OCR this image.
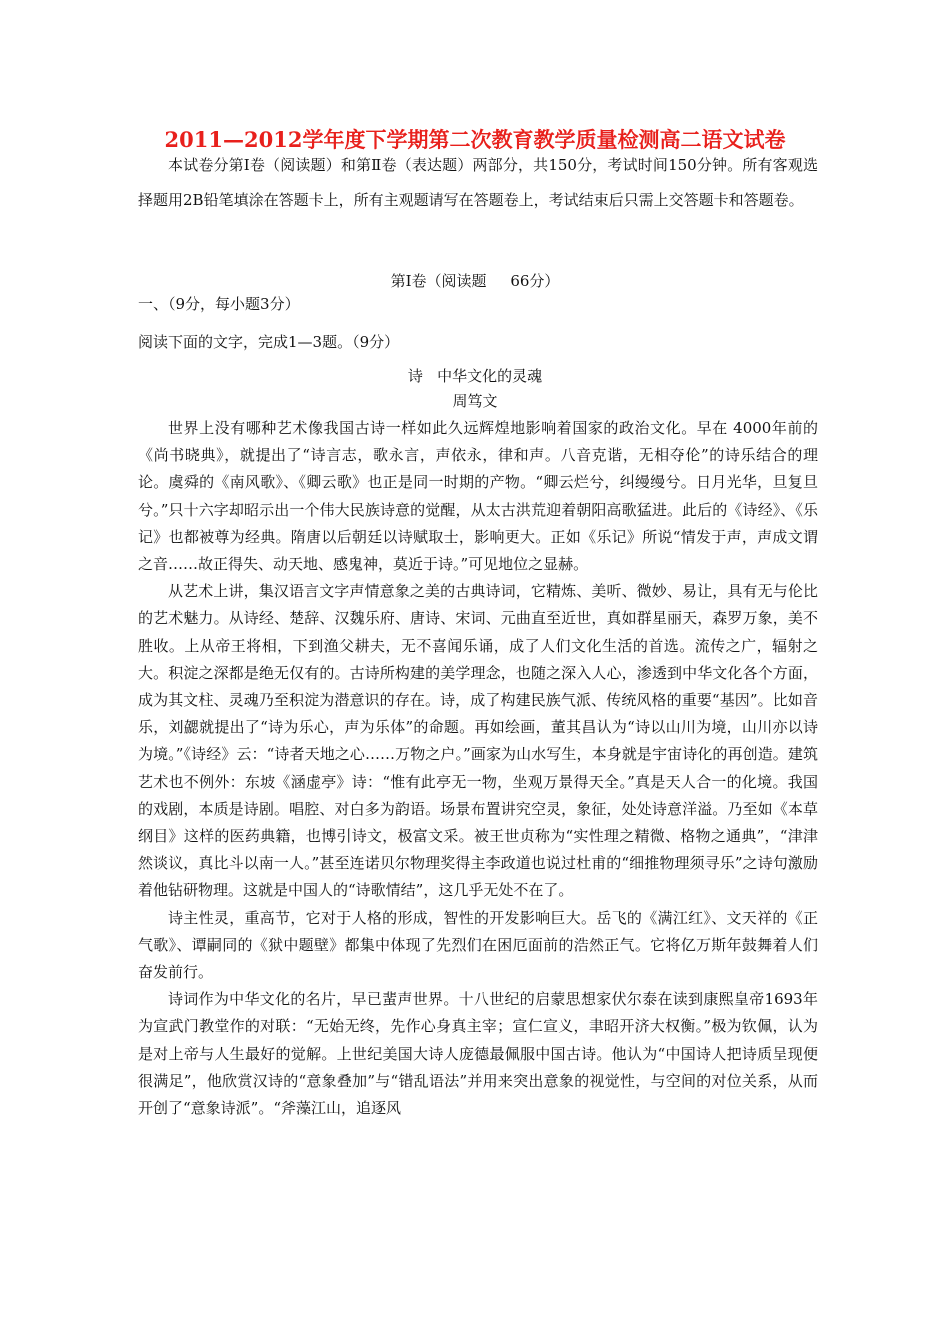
2011—2012学年度下学期第二次教育教学质量检测高二语文试卷
本试卷分第Ⅰ卷（阅读题）和第Ⅱ卷（表达题）两部分，共150分，考试时间150分钟。所有客观选择题用2B铅笔填涂在答题卡上，所有主观题请写在答题卷上，考试结束后只需上交答题卡和答题卷。
第Ⅰ卷（阅读题     66分）
一、（9分，每小题3分）
阅读下面的文字，完成1—3题。（9分）
诗   中华文化的灵魂
周笃文

世界上没有哪种艺术像我国古诗一样如此久远辉煌地影响着国家的政治文化。早在 4000年前的《尚书晓典》，就提出了“诗言志，歌永言，声依永，律和声。八音克谐，无相夺伦”的诗乐结合的理论。虞舜的《南风歌》、《卿云歌》也正是同一时期的产物。“卿云烂兮，纠缦缦兮。日月光华，旦复旦兮。”只十六字却昭示出一个伟大民族诗意的觉醒，从太古洪荒迎着朝阳高歌猛进。此后的《诗经》、《乐记》也都被尊为经典。隋唐以后朝廷以诗赋取士，影响更大。正如《乐记》所说“情发于声，声成文谓之音……故正得失、动天地、感鬼神，莫近于诗。”可见地位之显赫。

从艺术上讲，集汉语言文字声情意象之美的古典诗词，它精炼、美听、微妙、易让，具有无与伦比的艺术魅力。从诗经、楚辞、汉魏乐府、唐诗、宋词、元曲直至近世，真如群星丽天，森罗万象，美不胜收。上从帝王将相，下到渔父耕夫，无不喜闻乐诵，成了人们文化生活的首选。流传之广，辐射之大。积淀之深都是绝无仅有的。古诗所构建的美学理念，也随之深入人心，渗透到中华文化各个方面，成为其文柱、灵魂乃至积淀为潜意识的存在。诗，成了构建民族气派、传统风格的重要“基因”。比如音乐，刘勰就提出了“诗为乐心，声为乐体”的命题。再如绘画，董其昌认为“诗以山川为境，山川亦以诗为境。”《诗经》云：“诗者天地之心……万物之户。”画家为山水写生，本身就是宇宙诗化的再创造。建筑艺术也不例外：东坡《涵虚亭》诗：“惟有此亭无一物，坐观万景得天全。”真是天人合一的化境。我国的戏剧，本质是诗剧。唱腔、对白多为韵语。场景布置讲究空灵，象征，处处诗意洋溢。乃至如《本草纲目》这样的医药典籍，也博引诗文，极富文采。被王世贞称为“实性理之精微、格物之通典”，“津津然谈议，真比斗以南一人。”甚至连诺贝尔物理奖得主李政道也说过杜甫的“细推物理须寻乐”之诗句激励着他钻研物理。这就是中国人的“诗歌情结”，这几乎无处不在了。

诗主性灵，重高节，它对于人格的形成，智性的开发影响巨大。岳飞的《满江红》、文天祥的《正气歌》、谭嗣同的《狱中题壁》都集中体现了先烈们在困厄面前的浩然正气。它将亿万斯年鼓舞着人们奋发前行。

诗词作为中华文化的名片，早已蜚声世界。十八世纪的启蒙思想家伏尔泰在读到康熙皇帝1693年为宣武门教堂作的对联：“无始无终，先作心身真主宰；宣仁宣义，聿昭开济大权衡。”极为钦佩，认为是对上帝与人生最好的觉解。上世纪美国大诗人庞德最佩服中国古诗。他认为“中国诗人把诗质呈现便很满足”，他欣赏汉诗的“意象叠加”与“错乱语法”并用来突出意象的视觉性，与空间的对位关系，从而开创了“意象诗派”。“斧藻江山，追逐风
